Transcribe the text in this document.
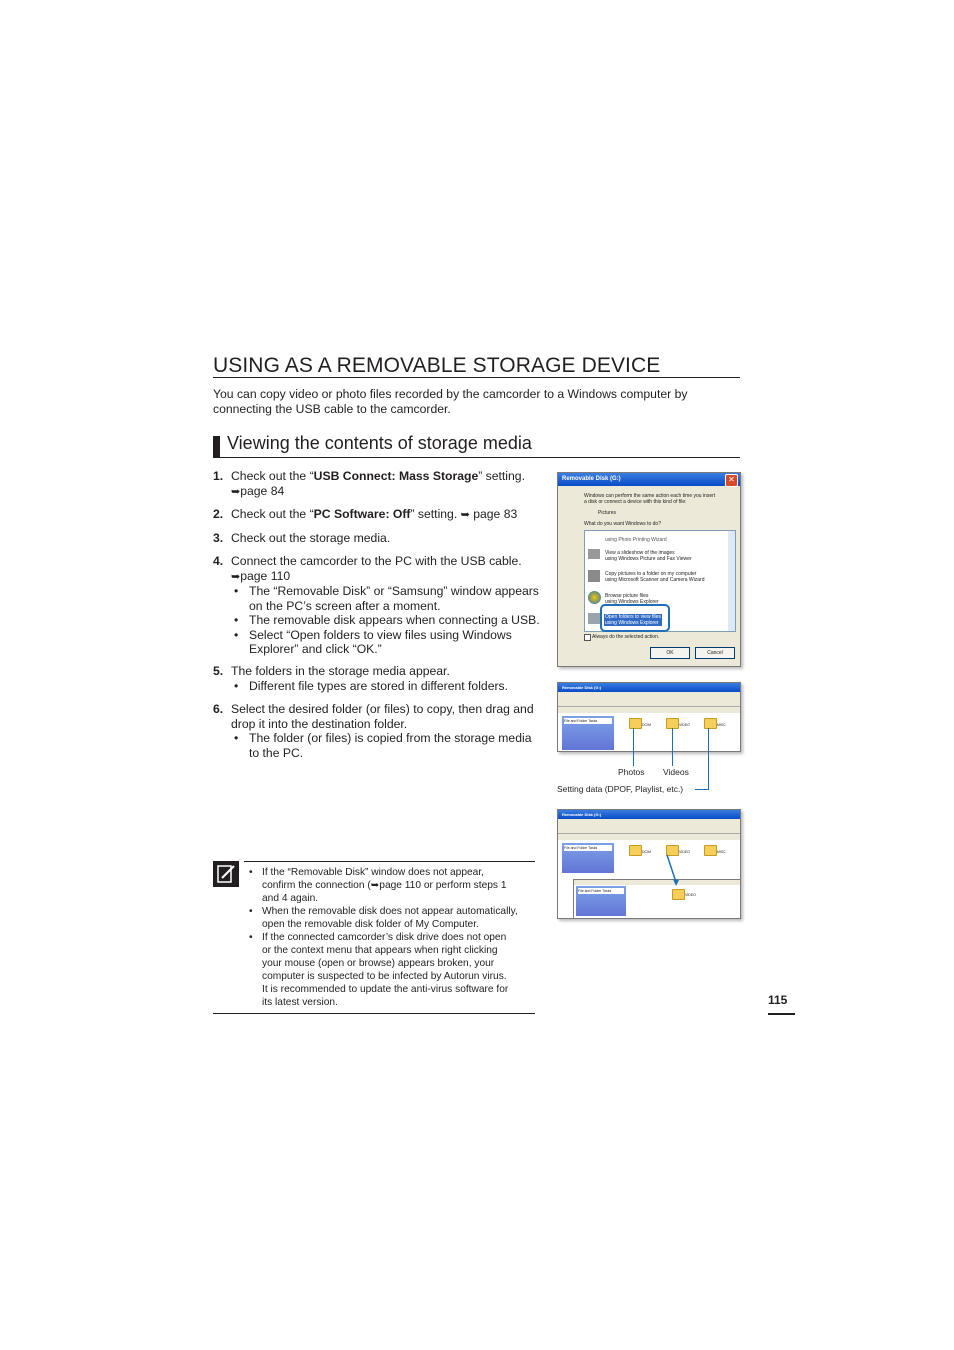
USING AS A REMOVABLE STORAGE DEVICE
You can copy video or photo files recorded by the camcorder to a Windows computer by
connecting the USB cable to the camcorder.
Viewing the contents of storage media
1. Check out the “USB Connect: Mass Storage” setting.
➥page 84
2. Check out the “PC Software: Off” setting. ➥ page 83
3. Check out the storage media.
4. Connect the camcorder to the PC with the USB cable.
➥page 110
• The “Removable Disk” or “Samsung” window appears
on the PC’s screen after a moment.
• The removable disk appears when connecting a USB.
• Select “Open folders to view files using Windows
Explorer” and click “OK.”
5. The folders in the storage media appear.
• Different file types are stored in different folders.
6. Select the desired folder (or files) to copy, then drag and
drop it into the destination folder.
• The folder (or files) is copied from the storage media
to the PC.
Removable Disk (G:)	✕
Windows can perform the same action each time you insert
a disk or connect a device with this kind of file:
Pictures
What do you want Windows to do?
using Photo Printing Wizard
View a slideshow of the images
using Windows Picture and Fax Viewer
Copy pictures to a folder on my computer
using Microsoft Scanner and Camera Wizard
Browse picture files
using Windows Explorer
Open folders to view files
using Windows Explorer
Always do the selected action.
OK	Cancel
Removable Disk (G:)
File and Folder Tasks
DCIM	VIDEO	MISC
Photos Videos
Setting data (DPOF, Playlist, etc.)
Removable Disk (G:)
File and Folder Tasks
DCIM	VIDEO	MISC
File and Folder Tasks
VIDEO
• If the “Removable Disk” window does not appear,
confirm the connection (➥page 110 or perform steps 1
and 4 again.
• When the removable disk does not appear automatically,
open the removable disk folder of My Computer.
• If the connected camcorder’s disk drive does not open
or the context menu that appears when right clicking
your mouse (open or browse) appears broken, your
computer is suspected to be infected by Autorun virus.
It is recommended to update the anti-virus software for
its latest version.	115
